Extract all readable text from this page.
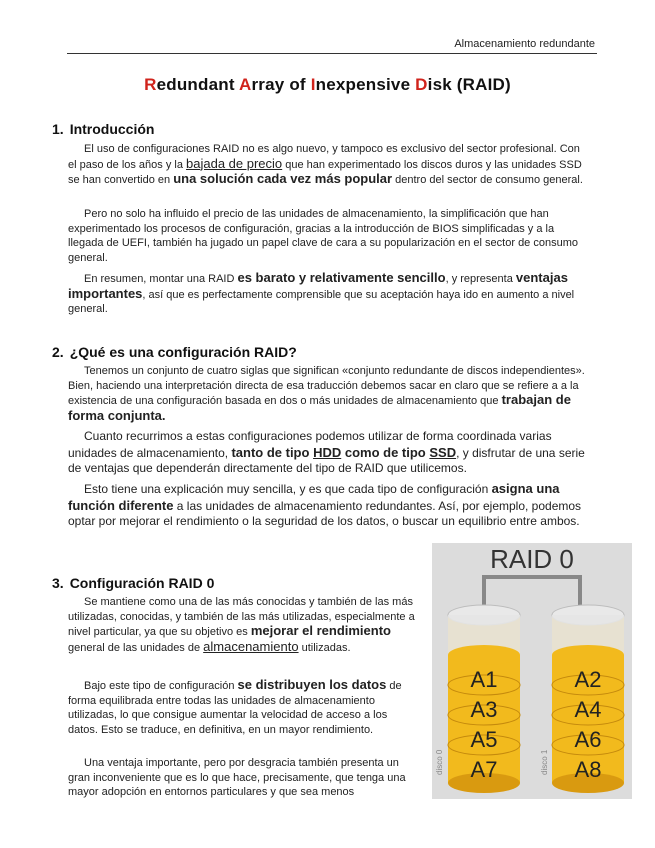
Almacenamiento redundante
Redundant Array of Inexpensive Disk (RAID)
1. Introducción
2. ¿Qué es una configuración RAID?
3. Configuración RAID 0

El uso de configuraciones RAID no es algo nuevo, y tampoco es exclusivo del sector profesional. Con el paso de los años y la bajada de precio que han experimentado los discos duros y las unidades SSD se han convertido en una solución cada vez más popular dentro del sector de consumo general.

Pero no solo ha influido el precio de las unidades de almacenamiento, la simplificación que han experimentado los procesos de configuración, gracias a la introducción de BIOS simplificadas y a la llegada de UEFI, también ha jugado un papel clave de cara a su popularización en el sector de consumo general.

En resumen, montar una RAID es barato y relativamente sencillo, y representa ventajas importantes, así que es perfectamente comprensible que su aceptación haya ido en aumento a nivel general.

Tenemos un conjunto de cuatro siglas que significan «conjunto redundante de discos independientes». Bien, haciendo una interpretación directa de esa traducción debemos sacar en claro que se refiere a a la existencia de una configuración basada en dos o más unidades de almacenamiento que trabajan de forma conjunta.

Cuanto recurrimos a estas configuraciones podemos utilizar de forma coordinada varias unidades de almacenamiento, tanto de tipo HDD como de tipo SSD, y disfrutar de una serie de ventajas que dependerán directamente del tipo de RAID que utilicemos.

Esto tiene una explicación muy sencilla, y es que cada tipo de configuración asigna una función diferente a las unidades de almacenamiento redundantes. Así, por ejemplo, podemos optar por mejorar el rendimiento o la seguridad de los datos, o buscar un equilibrio entre ambos.

Se mantiene como una de las más conocidas y también de las más utilizadas, conocidas, y también de las más utilizadas, especialmente a nivel particular, ya que su objetivo es mejorar el rendimiento general de las unidades de almacenamiento utilizadas.

Bajo este tipo de configuración se distribuyen los datos de forma equilibrada entre todas las unidades de almacenamiento utilizadas, lo que consigue aumentar la velocidad de acceso a los datos. Esto se traduce, en definitiva, en un mayor rendimiento.

Una ventaja importante, pero por desgracia también presenta un gran inconveniente que es lo que hace, precisamente, que tenga una mayor adopción en entornos particulares y que sea menos

RAID 0
A1
A3
A5
A7
disco 0
A2
A4
A6
A8
disco 1
